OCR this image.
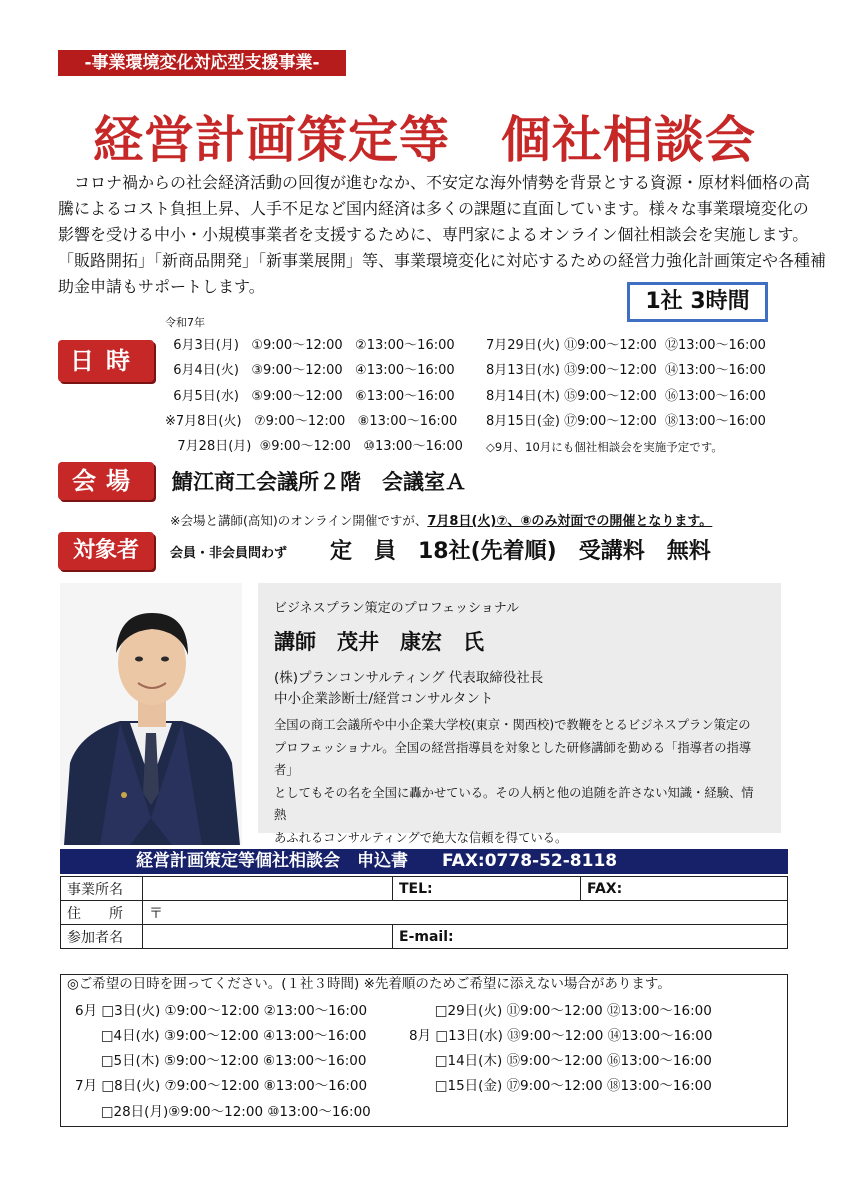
-事業環境変化対応型支援事業-
経営計画策定等　個社相談会

　コロナ禍からの社会経済活動の回復が進むなか、不安定な海外情勢を背景とする資源・原材料価格の高

騰によるコスト負担上昇、人手不足など国内経済は多くの課題に直面しています。様々な事業環境変化の

影響を受ける中小・小規模事業者を支援するために、専門家によるオンライン個社相談会を実施します。

「販路開拓」「新商品開発」「新事業展開」等、事業環境変化に対応するための経営力強化計画策定や各種補

助金申請もサポートします。

1社 3時間
日時
令和7年
6月3日(月)   ①9:00～12:00   ②13:00～16:00
6月4日(火)   ③9:00～12:00   ④13:00～16:00
6月5日(水)   ⑤9:00～12:00   ⑥13:00～16:00
※7月8日(火)   ⑦9:00～12:00   ⑧13:00～16:00
7月28日(月)  ⑨9:00～12:00   ⑩13:00～16:00
7月29日(火) ⑪9:00～12:00  ⑫13:00～16:00
8月13日(水) ⑬9:00～12:00  ⑭13:00～16:00
8月14日(木) ⑮9:00～12:00  ⑯13:00～16:00
8月15日(金) ⑰9:00～12:00  ⑱13:00～16:00
◇9月、10月にも個社相談会を実施予定です。
会場	鯖江商工会議所２階　会議室Ａ
※会場と講師(高知)のオンライン開催ですが、7月8日(火)⑦、⑧のみ対面での開催となります。
対象者	会員・非会員問わず 定　員　18社(先着順)　受講料　無料
ビジネスプラン策定のプロフェッショナル
講師　茂井　康宏　氏
(株)プランコンサルティング 代表取締役社長
中小企業診断士/経営コンサルタント
全国の商工会議所や中小企業大学校(東京・関西校)で教鞭をとるビジネスプラン策定の
プロフェッショナル。全国の経営指導員を対象とした研修講師を勤める「指導者の指導者」
としてもその名を全国に轟かせている。その人柄と他の追随を許さない知識・経験、情熱
あふれるコンサルティングで絶大な信頼を得ている。
経営計画策定等個社相談会　申込書　　FAX:0778-52-8118
事業所名		TEL:	FAX:
住　　所	〒		
参加者名		E-mail:	
◎ご希望の日時を囲ってください。(１社３時間) ※先着順のためご希望に添えない場合があります。
6月 □3日(火) ①9:00～12:00 ②13:00～16:00
□4日(水) ③9:00～12:00 ④13:00～16:00
□5日(木) ⑤9:00～12:00 ⑥13:00～16:00
7月 □8日(火) ⑦9:00～12:00 ⑧13:00～16:00
□28日(月)⑨9:00～12:00 ⑩13:00～16:00
□29日(火) ⑪9:00～12:00 ⑫13:00～16:00
8月 □13日(水) ⑬9:00～12:00 ⑭13:00～16:00
□14日(木) ⑮9:00～12:00 ⑯13:00～16:00
□15日(金) ⑰9:00～12:00 ⑱13:00～16:00
